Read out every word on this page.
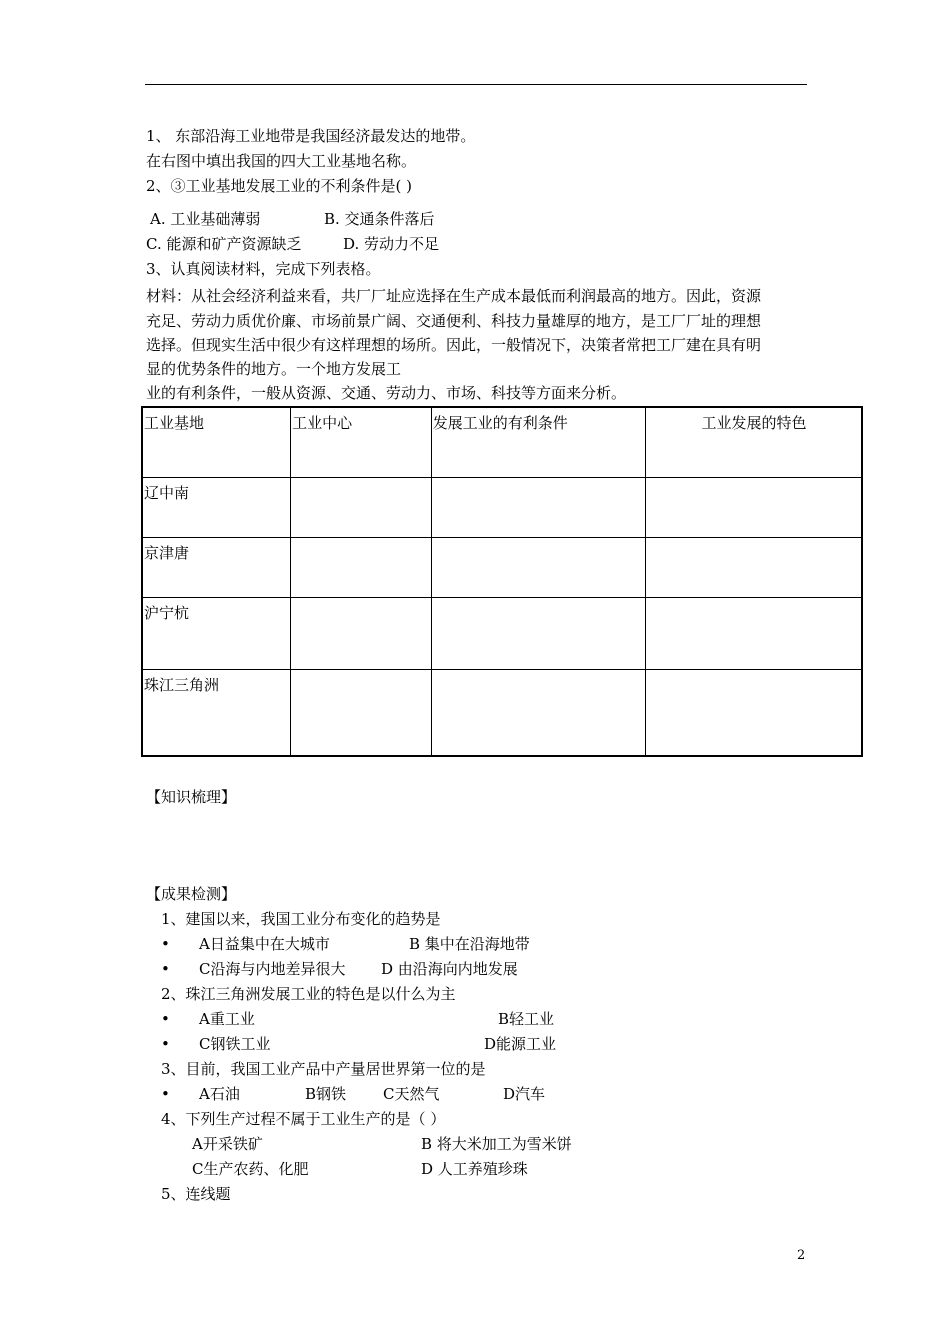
1、 东部沿海工业地带是我国经济最发达的地带。
在右图中填出我国的四大工业基地名称。
2、③工业基地发展工业的不利条件是( )
A. 工业基础薄弱	B. 交通条件落后
C. 能源和矿产资源缺乏	D. 劳动力不足
3、认真阅读材料，完成下列表格。
材料：从社会经济利益来看，共厂厂址应选择在生产成本最低而利润最高的地方。因此，资源
充足、劳动力质优价廉、市场前景广阔、交通便利、科技力量雄厚的地方，是工厂厂址的理想
选择。但现实生活中很少有这样理想的场所。因此，一般情况下，决策者常把工厂建在具有明
显的优势条件的地方。一个地方发展工
业的有利条件，一般从资源、交通、劳动力、市场、科技等方面来分析。
工业基地	工业中心	发展工业的有利条件	工业发展的特色
辽中南			
京津唐			
沪宁杭			
珠江三角洲			
【知识梳理】
【成果检测】
1、建国以来，我国工业分布变化的趋势是
• A日益集中在大城市	B 集中在沿海地带
• C沿海与内地差异很大 D 由沿海向内地发展
2、珠江三角洲发展工业的特色是以什么为主
• A重工业	B轻工业
• C钢铁工业	D能源工业
3、目前，我国工业产品中产量居世界第一位的是
• A石油	B钢铁 C天然气	D汽车
4、下列生产过程不属于工业生产的是（ ）
A开采铁矿	B 将大米加工为雪米饼
C生产农药、化肥	D 人工养殖珍珠
5、连线题
2
